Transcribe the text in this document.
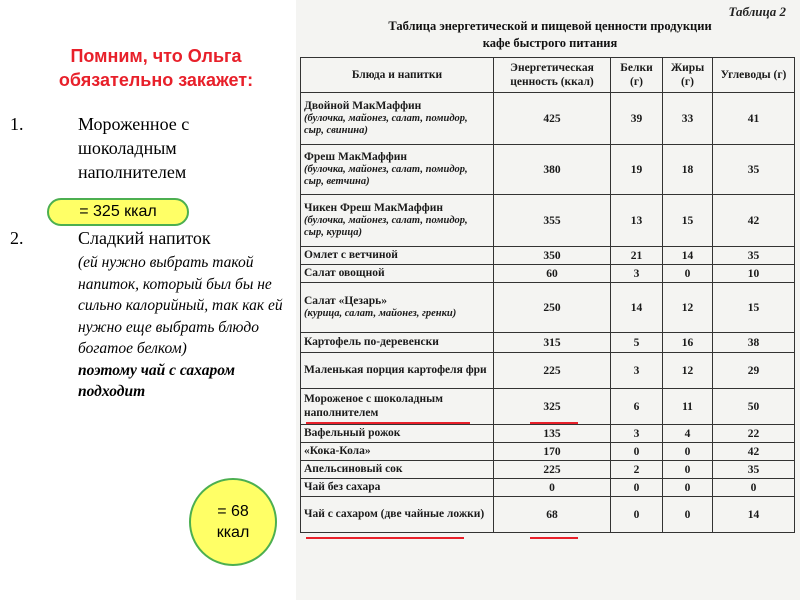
Помним, что Ольга обязательно закажет:
1.	Мороженное с шоколадным наполнителем
2.	Сладкий напиток
(ей нужно выбрать такой напиток, который был бы не сильно калорийный, так как ей нужно еще выбрать блюдо богатое белком)
поэтому чай с сахаром подходит
= 325 ккал
= 68
ккал
Таблица 2
Таблица энергетической и пищевой ценности продукции
кафе быстрого питания
Блюда и напитки	Энергетическая ценность (ккал)	Белки (г)	Жиры (г)	Углеводы (г)
Двойной МакМаффин
(булочка, майонез, салат, помидор, сыр, свинина)	425	39	33	41
Фреш МакМаффин
(булочка, майонез, салат, помидор, сыр, ветчина)	380	19	18	35
Чикен Фреш МакМаффин
(булочка, майонез, салат, помидор, сыр, курица)	355	13	15	42
Омлет с ветчиной	350	21	14	35
Салат овощной	60	3	0	10
Салат «Цезарь»
(курица, салат, майонез, гренки)	250	14	12	15
Картофель по-деревенски	315	5	16	38
Маленькая порция картофеля фри	225	3	12	29
Мороженое с шоколадным наполнителем	325	6	11	50
Вафельный рожок	135	3	4	22
«Кока-Кола»	170	0	0	42
Апельсиновый сок	225	2	0	35
Чай без сахара	0	0	0	0
Чай с сахаром (две чайные ложки)	68	0	0	14
